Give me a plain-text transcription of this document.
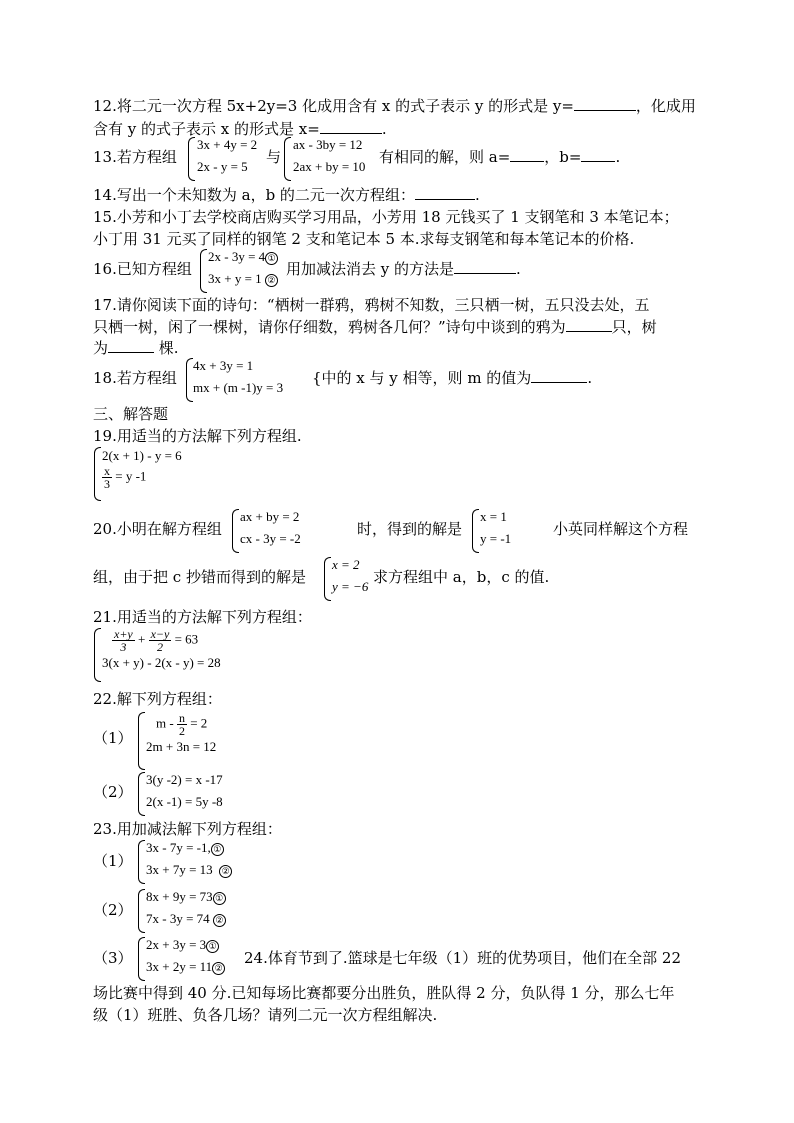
12.将二元一次方程 5x+2y=3 化成用含有 x 的式子表示 y 的形式是 y=	，化成用
含有 y 的式子表示 x 的形式是 x=	.
13.若方程组
3x + 4y = 2
2x - y = 5
与
ax - 3by = 12
2ax + by = 10
有相同的解，则 a= ，b= .
14.写出一个未知数为 a，b 的二元一次方程组：	.
15.小芳和小丁去学校商店购买学习用品，小芳用 18 元钱买了 1 支钢笔和 3 本笔记本；
小丁用 31 元买了同样的钢笔 2 支和笔记本 5 本.求每支钢笔和每本笔记本的价格.
16.已知方程组
2x - 3y = 4 ①
3x + y = 1 ②
用加减法消去 y 的方法是	.
17.请你阅读下面的诗句：“栖树一群鸦，鸦树不知数，三只栖一树，五只没去处，五
只栖一树，闲了一棵树，请你仔细数，鸦树各几何？”诗句中谈到的鸦为	只，树
为	棵.
18.若方程组
4x + 3y = 1
mx + (m -1)y = 3
{中的 x 与 y 相等，则 m 的值为	.
三、解答题
19.用适当的方法解下列方程组.
2(x + 1) - y = 6
$\frac{x}{3} = y$ -1
20.小明在解方程组
ax + by = 2
cx - 3y = -2
时，得到的解是
x = 1
y = -1
小英同样解这个方程
组，由于把 c 抄错而得到的解是
x = 2
y = −6
求方程组中 a，b，c 的值.
21.用适当的方法解下列方程组：
$\frac{x+y}{3} + \frac{x-y}{2} = 63$
3(x + y) - 2(x - y) = 28
22.解下列方程组：
（1）
$m - \frac{n}{2} = 2$
2m + 3n = 12
（2）
3(y -2) = x -17
2(x -1) = 5y -8
23.用加减法解下列方程组：
（1）
3x - 7y = -1, ①
3x + 7y = 13 ②
（2）
8x + 9y = 73 ①
7x - 3y = 74 ②
（3）
2x + 3y = 3 ①
3x + 2y = 11 ②
24.体育节到了.篮球是七年级（1）班的优势项目，他们在全部 22
场比赛中得到 40 分.已知每场比赛都要分出胜负，胜队得 2 分，负队得 1 分，那么七年
级（1）班胜、负各几场？请列二元一次方程组解决.
